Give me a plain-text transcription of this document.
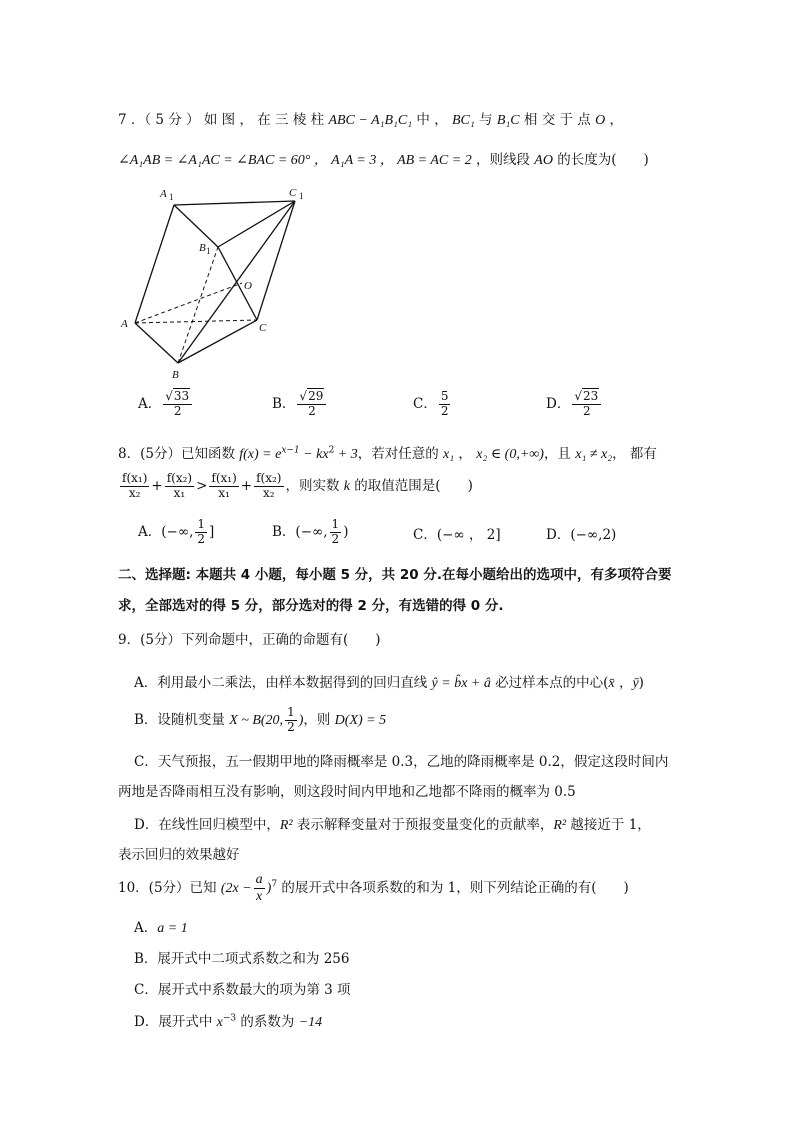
7 ．（ 5 分 ） 如 图 ， 在 三 棱 柱 ABC − A₁B₁C₁ 中 ， BC₁ 与 B₁C 相 交 于 点 O ，
∠A₁AB = ∠A₁AC = ∠BAC = 60° ， A₁A = 3 ， AB = AC = 2 ，则线段 AO 的长度为(　　)
A 1	C 1
B 1
O
A	C
B
A． $\frac{√33}{2}$	B． $\frac{√29}{2}$	C． $\frac{5}{2}$	D． $\frac{√23}{2}$
8．(5分）已知函数 $f(x) = e^{x-1} - kx^2 + 3$，若对任意的 x₁ ， x₂ ∈ (0,+∞)，且 x₁ ≠ x₂， 都有
$\frac{\text{f(x₁)}}{\text{x₂}} + \frac{\text{f(x₂)}}{\text{x₁}} > \frac{\text{f(x₁)}}{\text{x₁}} + \frac{\text{f(x₂)}}{\text{x₂}}$ ，则实数 k 的取值范围是(　　)
A．(−∞, $\frac{1}{2}$ ]	B．(−∞, $\frac{1}{2}$ )	C．(−∞ ， 2]	D．(−∞,2)
二、选择题: 本题共 4 小题，每小题 5 分，共 20 分.在每小题给出的选项中，有多项符合要
求，全部选对的得 5 分，部分选对的得 2 分，有选错的得 0 分.
9．(5分）下列命题中，正确的命题有(　　)
A．利用最小二乘法，由样本数据得到的回归直线 ŷ = b̂x + â 必过样本点的中心(x̄ ，ȳ)
B．设随机变量 X ~ B(20, $\frac{1}{2}$ )，则 D(X) = 5
C．天气预报，五一假期甲地的降雨概率是 0.3，乙地的降雨概率是 0.2，假定这段时间内
两地是否降雨相互没有影响，则这段时间内甲地和乙地都不降雨的概率为 0.5
D．在线性回归模型中，R² 表示解释变量对于预报变量变化的贡献率，R² 越接近于 1，
表示回归的效果越好
10．(5分）已知 $(2x - \frac{a}{x} )^7$ 的展开式中各项系数的和为 1，则下列结论正确的有(　　)
A．a = 1
B．展开式中二项式系数之和为 256
C．展开式中系数最大的项为第 3 项
D．展开式中 $x^{-3}$ 的系数为 −14
